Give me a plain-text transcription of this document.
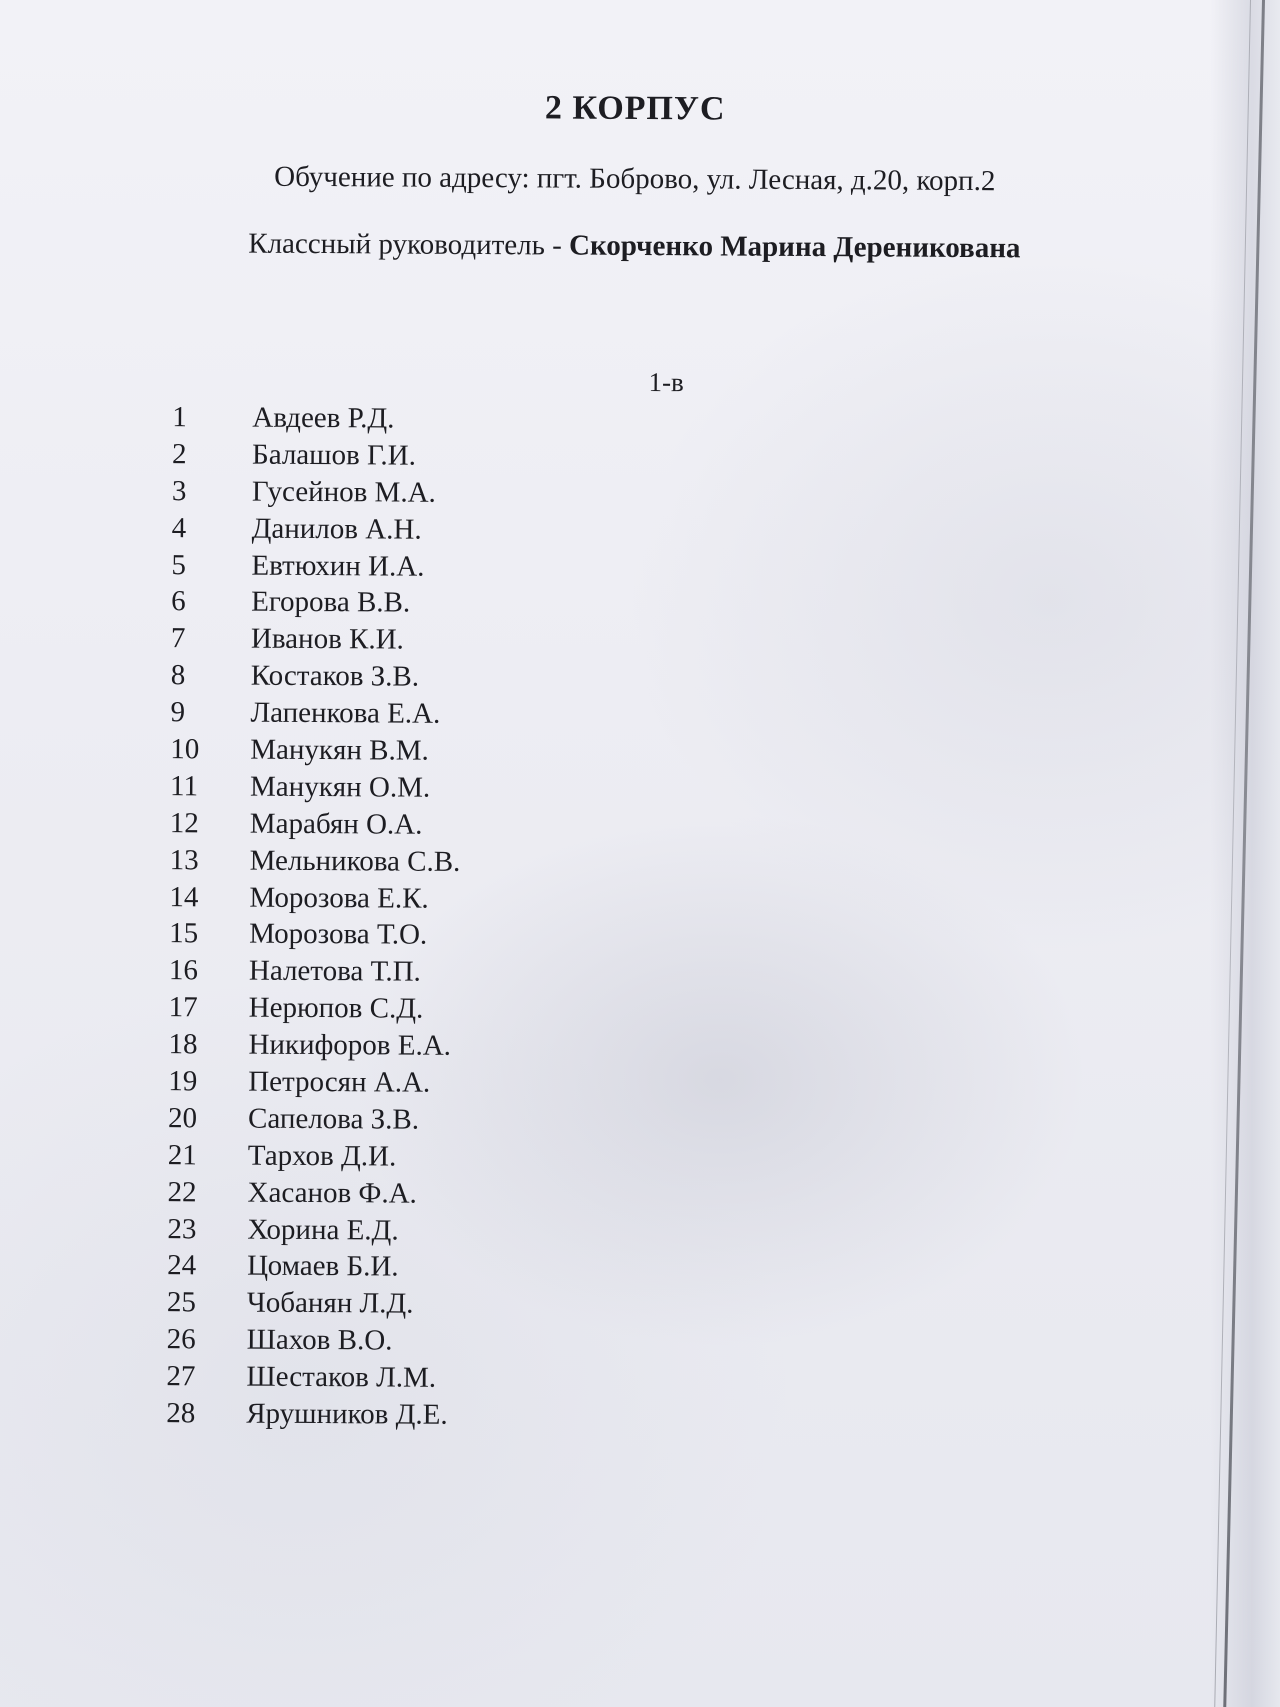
2 КОРПУС
Обучение по адресу: пгт. Боброво, ул. Лесная, д.20, корп.2
Классный руководитель - Скорченко Марина Дереникована
1-в
1	Авдеев Р.Д.
2	Балашов Г.И.
3	Гусейнов М.А.
4	Данилов А.Н.
5	Евтюхин И.А.
6	Егорова В.В.
7	Иванов К.И.
8	Костаков З.В.
9	Лапенкова Е.А.
10	Манукян В.М.
11	Манукян О.М.
12	Марабян О.А.
13	Мельникова С.В.
14	Морозова Е.К.
15	Морозова Т.О.
16	Налетова Т.П.
17	Нерюпов С.Д.
18	Никифоров Е.А.
19	Петросян А.А.
20	Сапелова З.В.
21	Тархов Д.И.
22	Хасанов Ф.А.
23	Хорина Е.Д.
24	Цомаев Б.И.
25	Чобанян Л.Д.
26	Шахов В.О.
27	Шестаков Л.М.
28	Ярушников Д.Е.
